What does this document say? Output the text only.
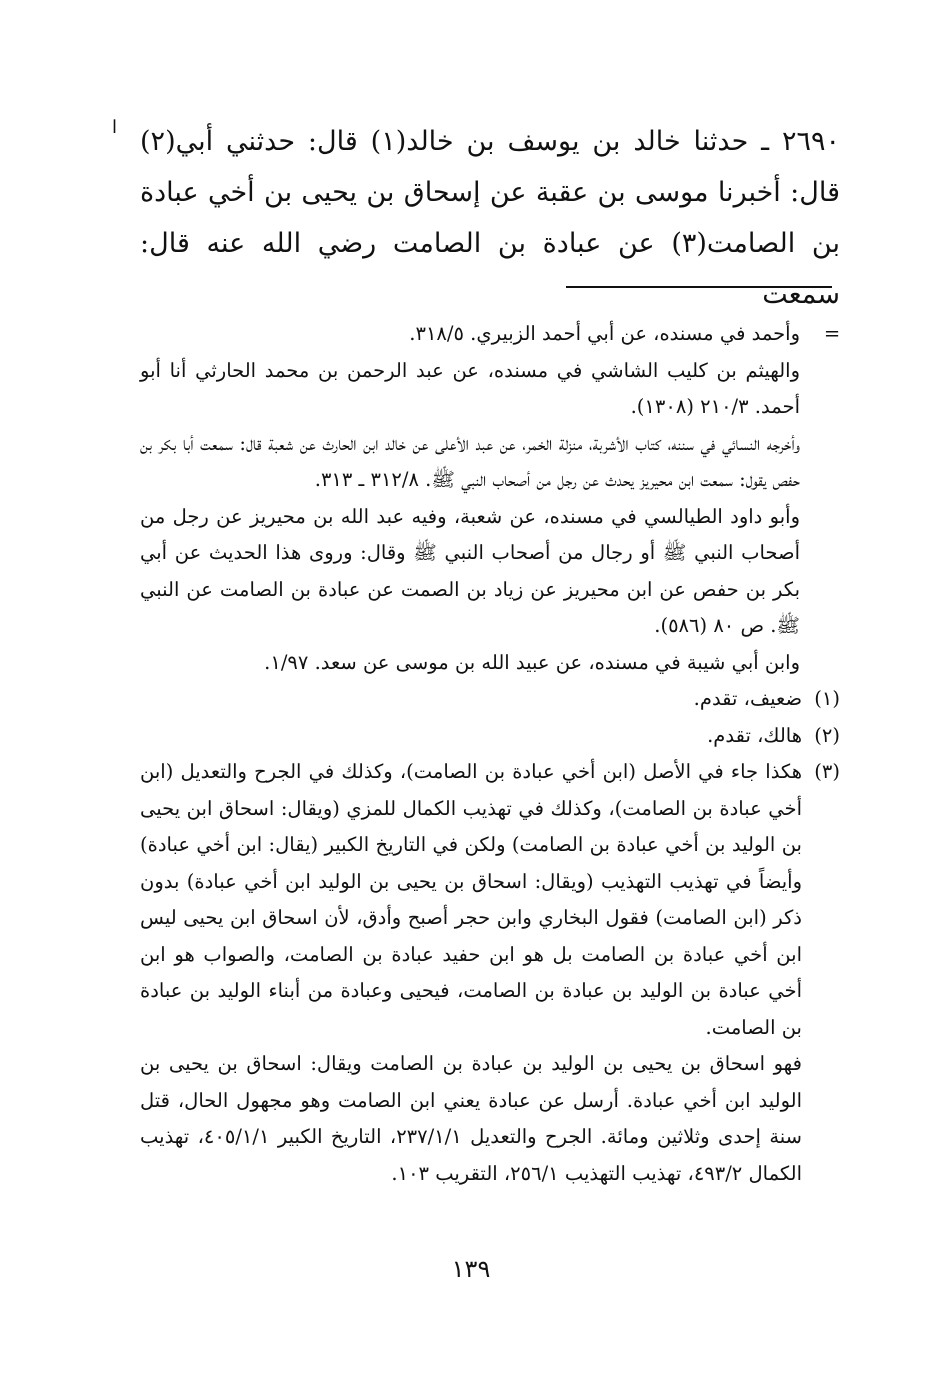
ا ٢٦٩٠ ـ حدثنا خالد بن يوسف بن خالد(١) قال: حدثني أبي(٢) قال: أخبرنا موسى بن عقبة عن إسحاق بن يحيى بن أخي عبادة بن الصامت(٣) عن عبادة بن الصامت رضي الله عنه قال: سمعت

=

وأحمد في مسنده، عن أبي أحمد الزبيري. ٣١٨/٥.

والهيثم بن كليب الشاشي في مسنده، عن عبد الرحمن بن محمد الحارثي أنا أبو أحمد. ٢١٠/٣ (١٣٠٨).

وأخرجه النسائي في سننه، كتاب الأشربة، منزلة الخمر، عن عبد الأعلى عن خالد ابن الحارث عن شعبة قال: سمعت أبا بكر بن حفص يقول: سمعت ابن محيريز يحدث عن رجل من أصحاب النبي ﷺ. ٣١٢/٨ ـ ٣١٣.

وأبو داود الطيالسي في مسنده، عن شعبة، وفيه عبد الله بن محيريز عن رجل من أصحاب النبي ﷺ أو رجال من أصحاب النبي ﷺ وقال: وروى هذا الحديث عن أبي بكر بن حفص عن ابن محيريز عن زياد بن الصمت عن عبادة بن الصامت عن النبي ﷺ. ص ٨٠ (٥٨٦).

وابن أبي شيبة في مسنده، عن عبيد الله بن موسى عن سعد. ١/٩٧.

(١)
ضعيف، تقدم.
(٢)
هالك، تقدم.
(٣)
هكذا جاء في الأصل (ابن أخي عبادة بن الصامت)، وكذلك في الجرح والتعديل (ابن أخي عبادة بن الصامت)، وكذلك في تهذيب الكمال للمزي (ويقال: اسحاق ابن يحيى بن الوليد بن أخي عبادة بن الصامت) ولكن في التاريخ الكبير (يقال: ابن أخي عبادة) وأيضاً في تهذيب التهذيب (ويقال: اسحاق بن يحيى بن الوليد ابن أخي عبادة) بدون ذكر (ابن الصامت) فقول البخاري وابن حجر أصبح وأدق، لأن اسحاق ابن يحيى ليس ابن أخي عبادة بن الصامت بل هو ابن حفيد عبادة بن الصامت، والصواب هو ابن أخي عبادة بن الوليد بن عبادة بن الصامت، فيحيى وعبادة من أبناء الوليد بن عبادة بن الصامت.

فهو اسحاق بن يحيى بن الوليد بن عبادة بن الصامت ويقال: اسحاق بن يحيى بن الوليد ابن أخي عبادة. أرسل عن عبادة يعني ابن الصامت وهو مجهول الحال، قتل سنة إحدى وثلاثين ومائة. الجرح والتعديل ٢٣٧/١/١، التاريخ الكبير ٤٠٥/١/١، تهذيب الكمال ٤٩٣/٢، تهذيب التهذيب ٢٥٦/١، التقريب ١٠٣.

١٣٩
